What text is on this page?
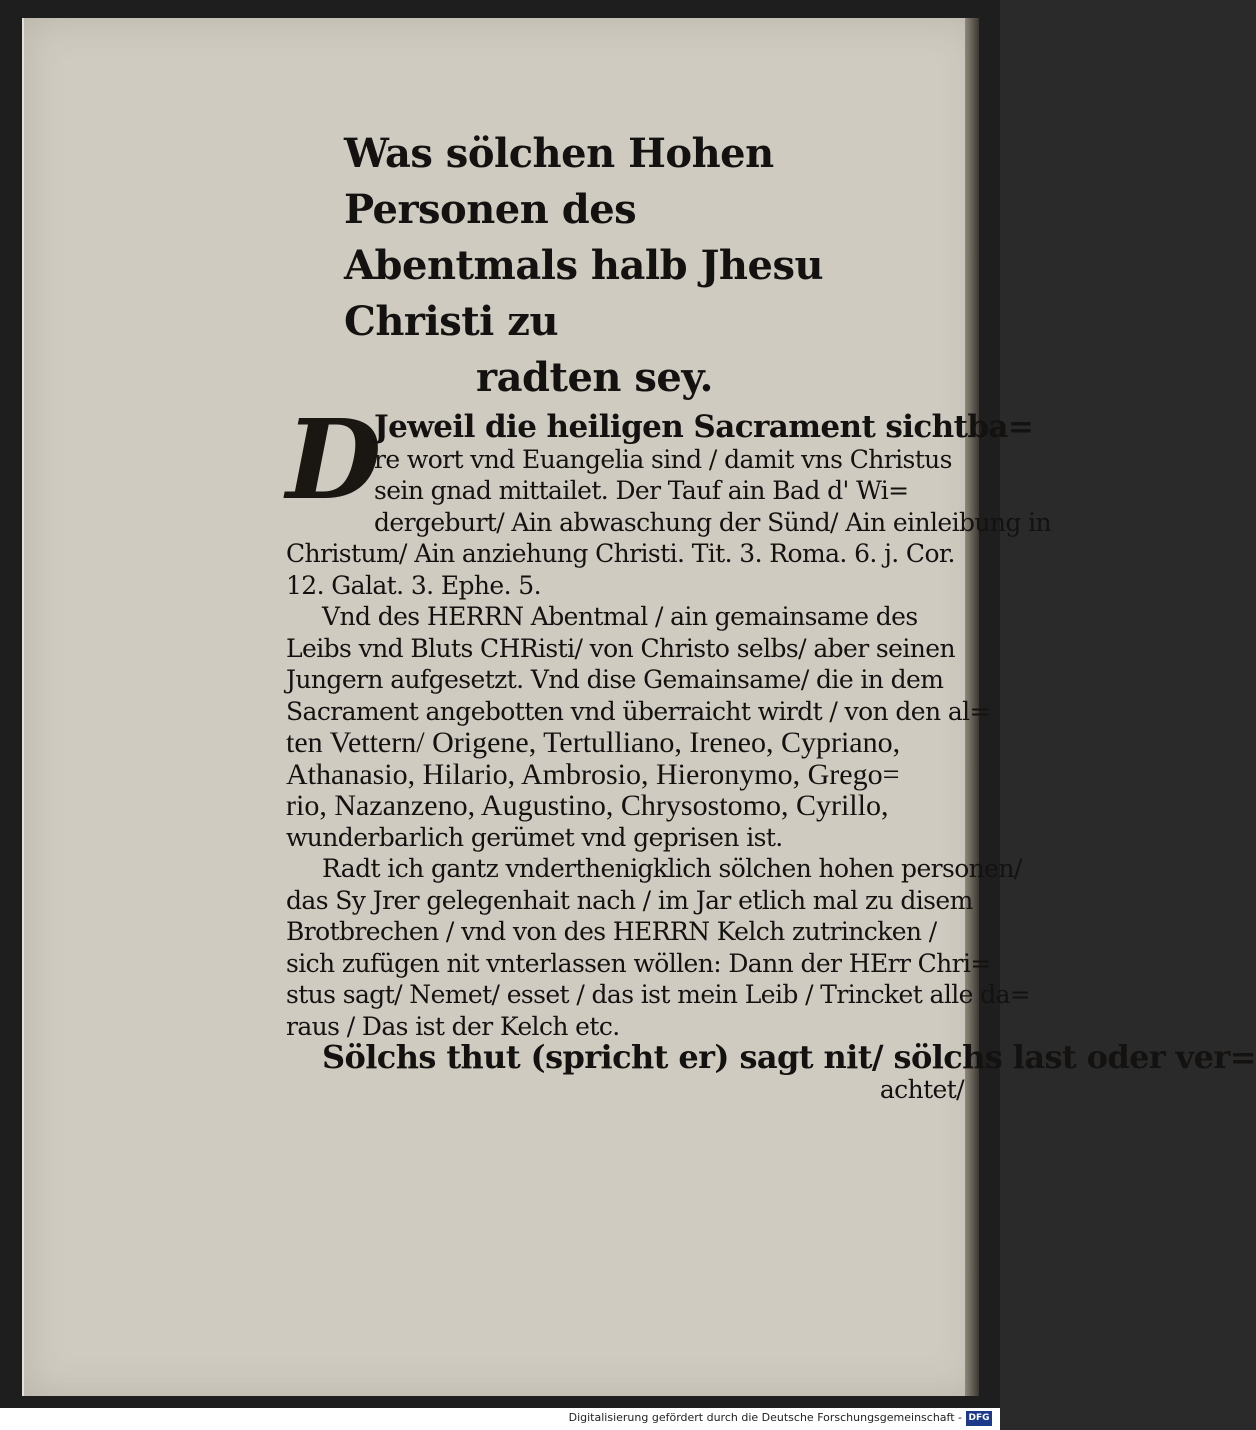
Was sölchen Hohen Personen des
Abentmals halb Jhesu Christi zu
radten sey.
D
Jeweil die heiligen Sacrament sichtba=
re wort vnd Euangelia sind / damit vns Christus
sein gnad mittailet. Der Tauf ain Bad d' Wi=
dergeburt/ Ain abwaschung der Sünd/ Ain einleibung in
Christum/ Ain anziehung Christi. Tit. 3. Roma. 6. j. Cor.
12. Galat. 3. Ephe. 5.
Vnd des HERRN Abentmal / ain gemainsame des
Leibs vnd Bluts CHRisti/ von Christo selbs/ aber seinen
Jungern aufgesetzt. Vnd dise Gemainsame/ die in dem
Sacrament angebotten vnd überraicht wirdt / von den al=
ten Vettern/ Origene, Tertulliano, Ireneo, Cypriano,
Athanasio, Hilario, Ambrosio, Hieronymo, Grego=
rio, Nazanzeno, Augustino, Chrysostomo, Cyrillo,
wunderbarlich gerümet vnd geprisen ist.
Radt ich gantz vnderthenigklich sölchen hohen personen/
das Sy Jrer gelegenhait nach / im Jar etlich mal zu disem
Brotbrechen / vnd von des HERRN Kelch zutrincken /
sich zufügen nit vnterlassen wöllen: Dann der HErr Chri=
stus sagt/ Nemet/ esset / das ist mein Leib / Trincket alle da=
raus / Das ist der Kelch etc.
Sölchs thut (spricht er) sagt nit/ sölchs last oder ver=
achtet/
Digitalisierung gefördert durch die Deutsche Forschungsgemeinschaft - DFG
